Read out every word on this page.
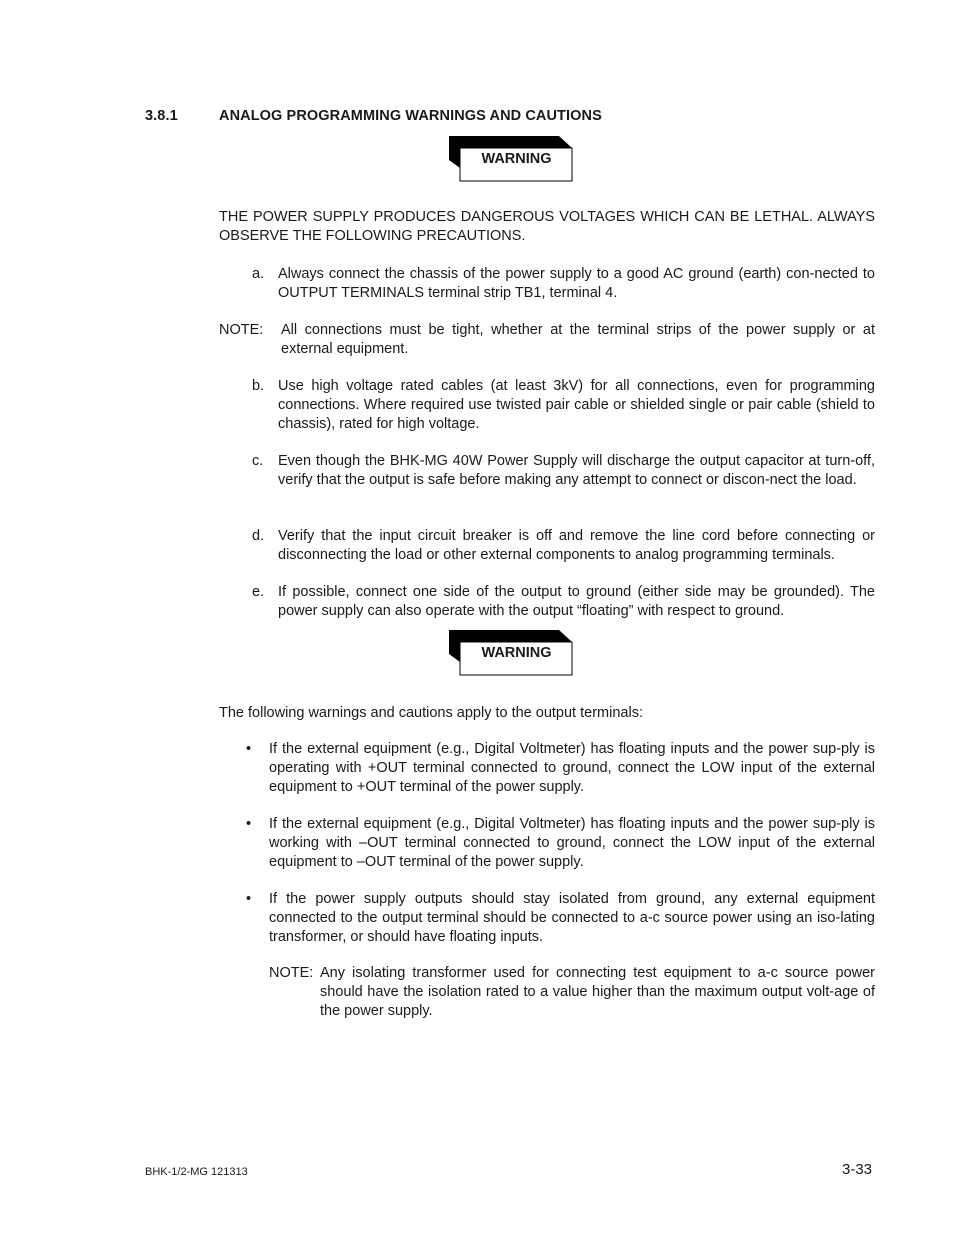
3.8.1	ANALOG PROGRAMMING WARNINGS AND CAUTIONS
WARNING
THE POWER SUPPLY PRODUCES DANGEROUS VOLTAGES WHICH CAN BE LETHAL. ALWAYS OBSERVE THE FOLLOWING PRECAUTIONS.
a. Always connect the chassis of the power supply to a good AC ground (earth) con-nected to OUTPUT TERMINALS terminal strip TB1, terminal 4.
NOTE: All connections must be tight, whether at the terminal strips of the power supply or at external equipment.
b. Use high voltage rated cables (at least 3kV) for all connections, even for programming connections. Where required use twisted pair cable or shielded single or pair cable (shield to chassis), rated for high voltage.
c. Even though the BHK-MG 40W Power Supply will discharge the output capacitor at turn-off, verify that the output is safe before making any attempt to connect or discon-nect the load.
d. Verify that the input circuit breaker is off and remove the line cord before connecting or disconnecting the load or other external components to analog programming terminals.
e. If possible, connect one side of the output to ground (either side may be grounded). The power supply can also operate with the output “floating” with respect to ground.
WARNING
The following warnings and cautions apply to the output terminals:
• If the external equipment (e.g., Digital Voltmeter) has floating inputs and the power sup-ply is operating with +OUT terminal connected to ground, connect the LOW input of the external equipment to +OUT terminal of the power supply.
• If the external equipment (e.g., Digital Voltmeter) has floating inputs and the power sup-ply is working with –OUT terminal connected to ground, connect the LOW input of the external equipment to –OUT terminal of the power supply.
• If the power supply outputs should stay isolated from ground, any external equipment connected to the output terminal should be connected to a-c source power using an iso-lating transformer, or should have floating inputs.
NOTE: Any isolating transformer used for connecting test equipment to a-c source power should have the isolation rated to a value higher than the maximum output volt-age of the power supply.
BHK-1/2-MG 121313	3-33
